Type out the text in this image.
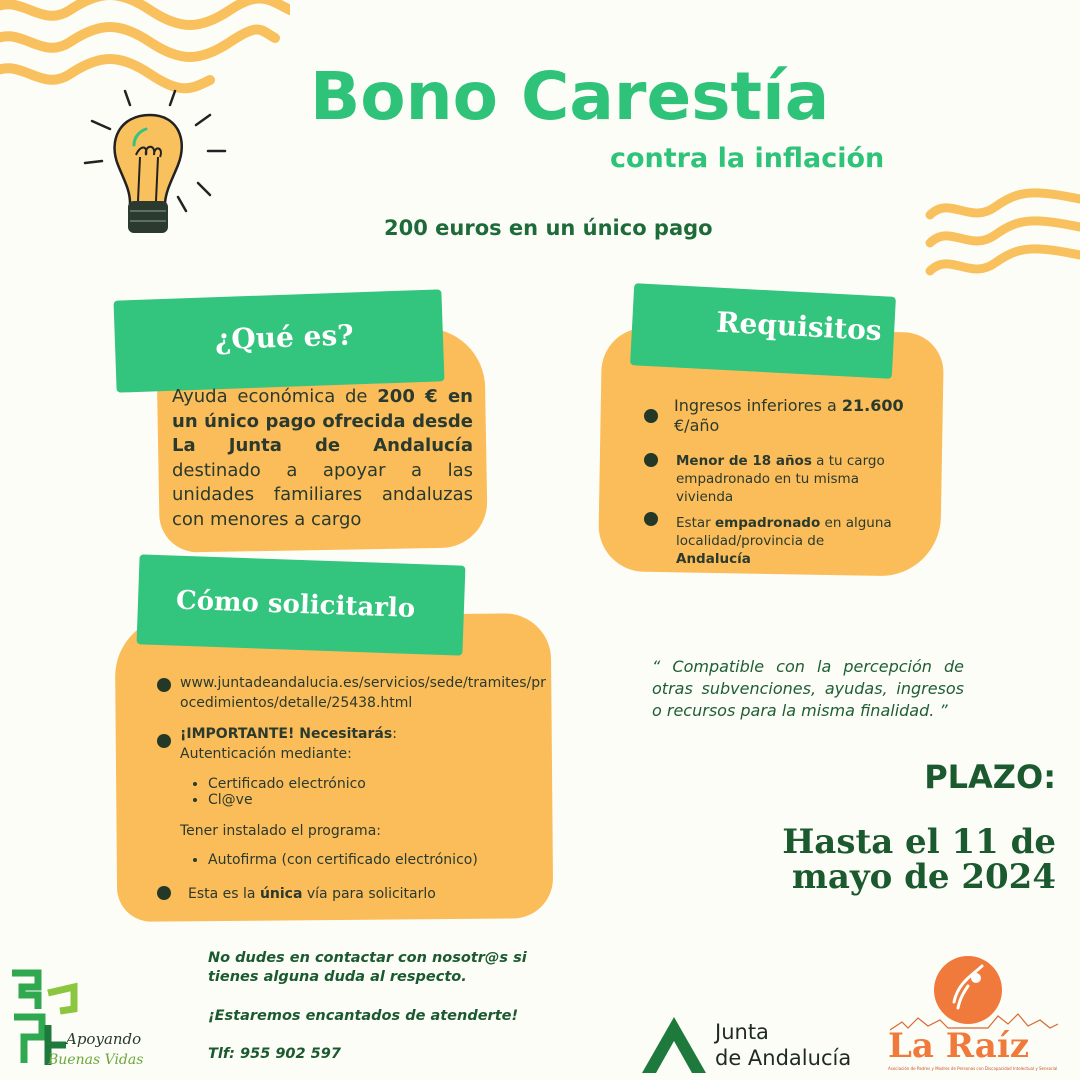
Bono Carestía
contra la inflación
200 euros en un único pago
¿Qué es?
Ayuda económica de 200 € en un único pago ofrecida desde La Junta de Andalucía destinado a apoyar a las unidades familiares andaluzas con menores a cargo
Requisitos
Ingresos inferiores a 21.600
€/año
Menor de 18 años a tu cargo empadronado en tu misma vivienda
Estar empadronado en alguna localidad/provincia de Andalucía
Cómo solicitarlo
www.juntadeandalucia.es/servicios/sede/tramites/procedimientos/detalle/25438.html
¡IMPORTANTE! Necesitarás:
Autenticación mediante:
• Certificado electrónico
• Cl@ve
Tener instalado el programa:
• Autofirma (con certificado electrónico)
Esta es la única vía para solicitarlo
“ Compatible con la percepción de otras subvenciones, ayudas, ingresos o recursos para la misma finalidad. ”
PLAZO:
Hasta el 11 de
mayo de 2024
No dudes en contactar con nosotr@s si
tienes alguna duda al respecto.
¡Estaremos encantados de atenderte!
Tlf: 955 902 597
Apoyando
Buenas Vidas
Junta
de Andalucía La Raíz
Asociación de Padres y Madres de Personas con Discapacidad Intelectual y Sensorial
